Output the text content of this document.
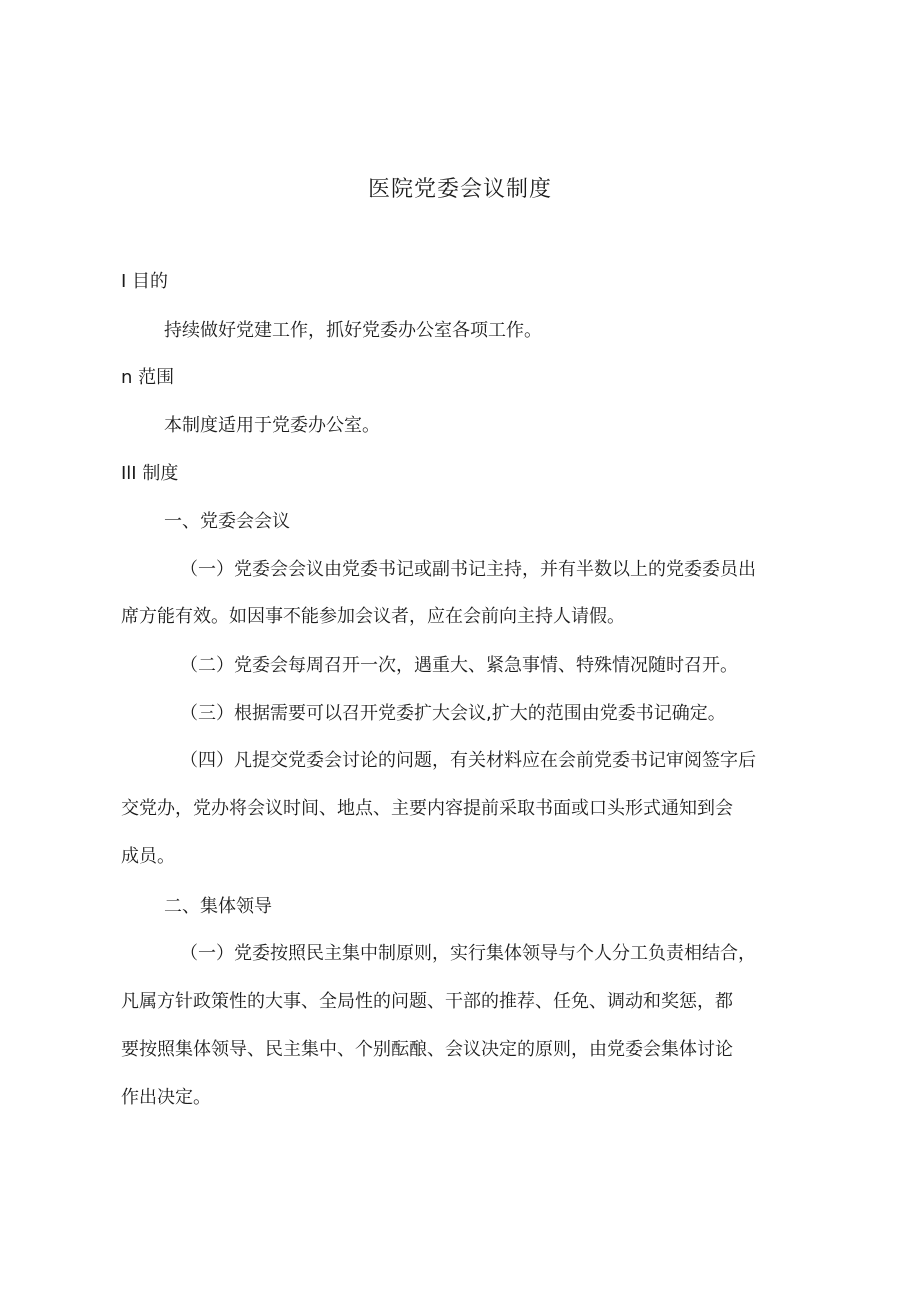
医院党委会议制度
I 目的
持续做好党建工作，抓好党委办公室各项工作。
n 范围
本制度适用于党委办公室。
IlI 制度
一、党委会会议
（一）党委会会议由党委书记或副书记主持，并有半数以上的党委委员出
席方能有效。如因事不能参加会议者，应在会前向主持人请假。
（二）党委会每周召开一次，遇重大、紧急事情、特殊情况随时召开。
（三）根据需要可以召开党委扩大会议,扩大的范围由党委书记确定。
（四）凡提交党委会讨论的问题，有关材料应在会前党委书记审阅签字后
交党办，党办将会议时间、地点、主要内容提前采取书面或口头形式通知到会
成员。
二、集体领导
（一）党委按照民主集中制原则，实行集体领导与个人分工负责相结合，
凡属方针政策性的大事、全局性的问题、干部的推荐、任免、调动和奖惩，都
要按照集体领导、民主集中、个别酝酿、会议决定的原则，由党委会集体讨论
作出决定。
